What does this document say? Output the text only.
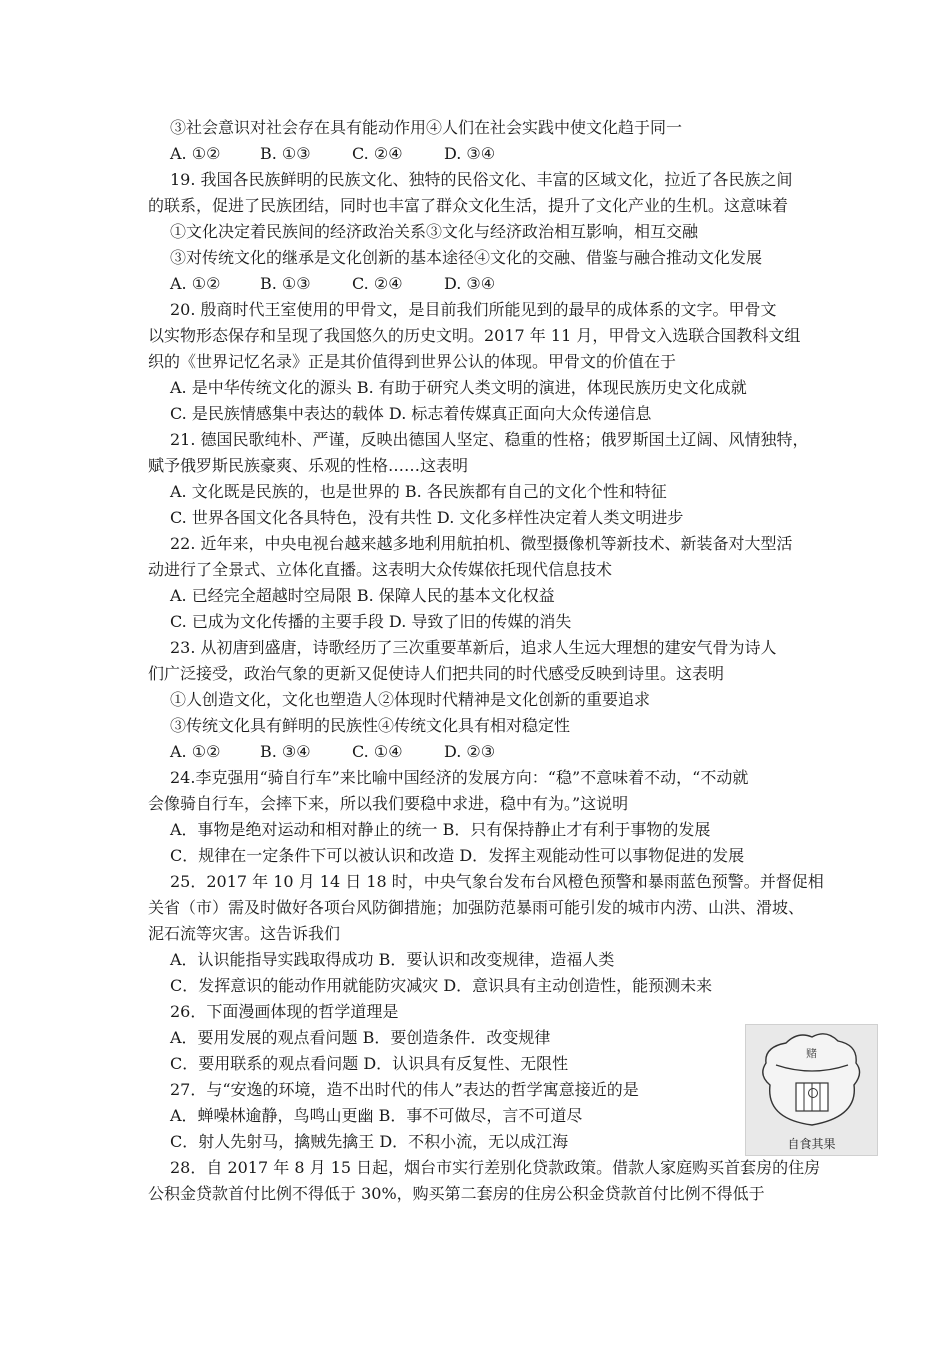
③社会意识对社会存在具有能动作用④人们在社会实践中使文化趋于同一
A. ①② B. ①③	C. ②④	D. ③④
19. 我国各民族鲜明的民族文化、独特的民俗文化、丰富的区域文化，拉近了各民族之间
的联系，促进了民族团结，同时也丰富了群众文化生活，提升了文化产业的生机。这意味着
①文化决定着民族间的经济政治关系③文化与经济政治相互影响，相互交融
③对传统文化的继承是文化创新的基本途径④文化的交融、借鉴与融合推动文化发展
A. ①② B. ①③	C. ②④	D. ③④
20. 殷商时代王室使用的甲骨文，是目前我们所能见到的最早的成体系的文字。甲骨文
以实物形态保存和呈现了我国悠久的历史文明。2017 年 11 月，甲骨文入选联合国教科文组
织的《世界记忆名录》正是其价值得到世界公认的体现。甲骨文的价值在于
A. 是中华传统文化的源头 B. 有助于研究人类文明的演进，体现民族历史文化成就
C. 是民族情感集中表达的载体 D. 标志着传媒真正面向大众传递信息
21. 德国民歌纯朴、严谨，反映出德国人坚定、稳重的性格；俄罗斯国土辽阔、风情独特，
赋予俄罗斯民族豪爽、乐观的性格……这表明
A. 文化既是民族的，也是世界的 B. 各民族都有自己的文化个性和特征
C. 世界各国文化各具特色，没有共性 D. 文化多样性决定着人类文明进步
22. 近年来，中央电视台越来越多地利用航拍机、微型摄像机等新技术、新装备对大型活
动进行了全景式、立体化直播。这表明大众传媒依托现代信息技术
A. 已经完全超越时空局限 B. 保障人民的基本文化权益
C. 已成为文化传播的主要手段 D. 导致了旧的传媒的消失
23. 从初唐到盛唐，诗歌经历了三次重要革新后，追求人生远大理想的建安气骨为诗人
们广泛接受，政治气象的更新又促使诗人们把共同的时代感受反映到诗里。这表明
①人创造文化，文化也塑造人②体现时代精神是文化创新的重要追求
③传统文化具有鲜明的民族性④传统文化具有相对稳定性
A. ①② B. ③④	C. ①④	D. ②③
24.李克强用“骑自行车”来比喻中国经济的发展方向：“稳”不意味着不动，“不动就
会像骑自行车，会摔下来，所以我们要稳中求进，稳中有为。”这说明
A．事物是绝对运动和相对静止的统一 B．只有保持静止才有利于事物的发展
C．规律在一定条件下可以被认识和改造 D．发挥主观能动性可以事物促进的发展
25．2017 年 10 月 14 日 18 时，中央气象台发布台风橙色预警和暴雨蓝色预警。并督促相
关省（市）需及时做好各项台风防御措施；加强防范暴雨可能引发的城市内涝、山洪、滑坡、
泥石流等灾害。这告诉我们
A．认识能指导实践取得成功 B．要认识和改变规律，造福人类
C．发挥意识的能动作用就能防灾减灾 D．意识具有主动创造性，能预测未来
26．下面漫画体现的哲学道理是
A．要用发展的观点看问题 B．要创造条件．改变规律
C．要用联系的观点看问题 D．认识具有反复性、无限性
27．与“安逸的环境，造不出时代的伟人”表达的哲学寓意接近的是
A．蝉噪林逾静，鸟鸣山更幽 B．事不可做尽，言不可道尽
C．射人先射马，擒贼先擒王 D．不积小流，无以成江海
28．自 2017 年 8 月 15 日起，烟台市实行差别化贷款政策。借款人家庭购买首套房的住房
公积金贷款首付比例不得低于 30%，购买第二套房的住房公积金贷款首付比例不得低于
赌
自食其果
